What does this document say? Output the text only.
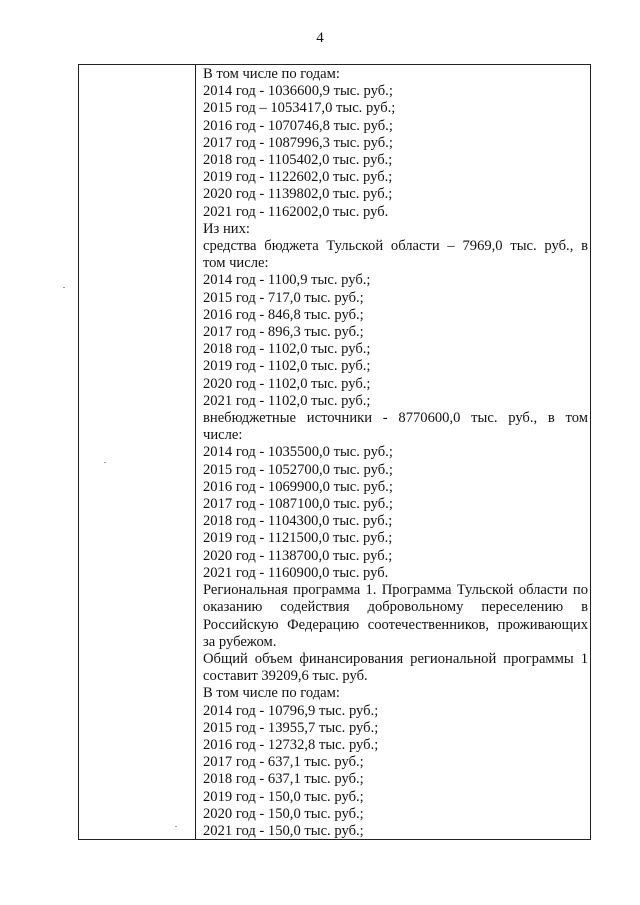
4
В том числе по годам:
2014 год - 1036600,9 тыс. руб.;
2015 год – 1053417,0 тыс. руб.;
2016 год - 1070746,8 тыс. руб.;
2017 год - 1087996,3 тыс. руб.;
2018 год - 1105402,0 тыс. руб.;
2019 год - 1122602,0 тыс. руб.;
2020 год - 1139802,0 тыс. руб.;
2021 год - 1162002,0 тыс. руб.
Из них:
средства бюджета Тульской области – 7969,0 тыс. руб., в
том числе:
2014 год - 1100,9 тыс. руб.;
2015 год - 717,0 тыс. руб.;
2016 год - 846,8 тыс. руб.;
2017 год - 896,3 тыс. руб.;
2018 год - 1102,0 тыс. руб.;
2019 год - 1102,0 тыс. руб.;
2020 год - 1102,0 тыс. руб.;
2021 год - 1102,0 тыс. руб.;
внебюджетные источники - 8770600,0 тыс. руб., в том
числе:
2014 год - 1035500,0 тыс. руб.;
2015 год - 1052700,0 тыс. руб.;
2016 год - 1069900,0 тыс. руб.;
2017 год - 1087100,0 тыс. руб.;
2018 год - 1104300,0 тыс. руб.;
2019 год - 1121500,0 тыс. руб.;
2020 год - 1138700,0 тыс. руб.;
2021 год - 1160900,0 тыс. руб.
Региональная программа 1. Программа Тульской области по
оказанию содействия добровольному переселению в
Российскую Федерацию соотечественников, проживающих
за рубежом.
Общий объем финансирования региональной программы 1
составит 39209,6 тыс. руб.
В том числе по годам:
2014 год - 10796,9 тыс. руб.;
2015 год - 13955,7 тыс. руб.;
2016 год - 12732,8 тыс. руб.;
2017 год - 637,1 тыс. руб.;
2018 год - 637,1 тыс. руб.;
2019 год - 150,0 тыс. руб.;
2020 год - 150,0 тыс. руб.;
2021 год - 150,0 тыс. руб.;
